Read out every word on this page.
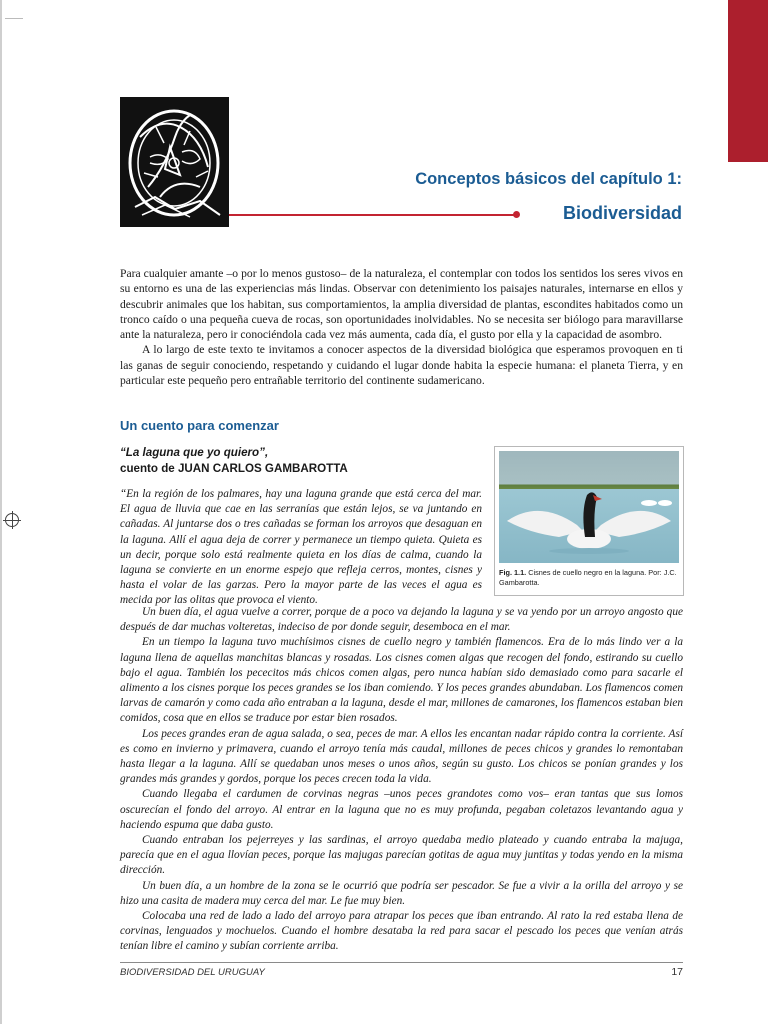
Conceptos básicos del capítulo 1:
Biodiversidad

Para cualquier amante –o por lo menos gustoso– de la naturaleza, el contemplar con todos los sentidos los seres vivos en su entorno es una de las experiencias más lindas. Observar con detenimiento los paisajes naturales, internarse en ellos y descubrir animales que los habitan, sus comportamientos, la amplia diversidad de plantas, escondites habitados como un tronco caído o una pequeña cueva de rocas, son oportunidades inolvidables. No se necesita ser biólogo para maravillarse ante la naturaleza, pero ir conociéndola cada vez más aumenta, cada día, el gusto por ella y la capacidad de asombro.

A lo largo de este texto te invitamos a conocer aspectos de la diversidad biológica que esperamos provoquen en ti las ganas de seguir conociendo, respetando y cuidando el lugar donde habita la especie humana: el planeta Tierra, y en particular este pequeño pero entrañable territorio del continente sudamericano.

Un cuento para comenzar
“La laguna que yo quiero”,
cuento de JUAN CARLOS GAMBAROTTA

“En la región de los palmares, hay una laguna grande que está cerca del mar. El agua de lluvia que cae en las serranías que están lejos, se va juntando en cañadas. Al juntarse dos o tres cañadas se forman los arroyos que desaguan en la laguna. Allí el agua deja de correr y permanece un tiempo quieta. Quieta es un decir, porque solo está realmente quieta en los días de calma, cuando la laguna se convierte en un enorme espejo que refleja cerros, montes, cisnes y hasta el volar de las garzas. Pero la mayor parte de las veces el agua es mecida por las olitas que provoca el viento.

Fig. 1.1. Cisnes de cuello negro en la laguna. Por: J.C. Gambarotta.

Un buen día, el agua vuelve a correr, porque de a poco va dejando la laguna y se va yendo por un arroyo angosto que después de dar muchas volteretas, indeciso de por donde seguir, desemboca en el mar.

En un tiempo la laguna tuvo muchísimos cisnes de cuello negro y también flamencos. Era de lo más lindo ver a la laguna llena de aquellas manchitas blancas y rosadas. Los cisnes comen algas que recogen del fondo, estirando su cuello bajo el agua. También los pececitos más chicos comen algas, pero nunca habían sido demasiado como para sacarle el alimento a los cisnes porque los peces grandes se los iban comiendo. Y los peces grandes abundaban. Los flamencos comen larvas de camarón y como cada año entraban a la laguna, desde el mar, millones de camarones, los flamencos estaban bien comidos, cosa que en ellos se traduce por estar bien rosados.

Los peces grandes eran de agua salada, o sea, peces de mar. A ellos les encantan nadar rápido contra la corriente. Así es como en invierno y primavera, cuando el arroyo tenía más caudal, millones de peces chicos y grandes lo remontaban hasta llegar a la laguna. Allí se quedaban unos meses o unos años, según su gusto. Los chicos se ponían grandes y los grandes más grandes y gordos, porque los peces crecen toda la vida.

Cuando llegaba el cardumen de corvinas negras –unos peces grandotes como vos– eran tantas que sus lomos oscurecían el fondo del arroyo. Al entrar en la laguna que no es muy profunda, pegaban coletazos levantando agua y haciendo espuma que daba gusto.

Cuando entraban los pejerreyes y las sardinas, el arroyo quedaba medio plateado y cuando entraba la majuga, parecía que en el agua llovían peces, porque las majugas parecían gotitas de agua muy juntitas y todas yendo en la misma dirección.

Un buen día, a un hombre de la zona se le ocurrió que podría ser pescador. Se fue a vivir a la orilla del arroyo y se hizo una casita de madera muy cerca del mar. Le fue muy bien.

Colocaba una red de lado a lado del arroyo para atrapar los peces que iban entrando. Al rato la red estaba llena de corvinas, lenguados y mochuelos. Cuando el hombre desataba la red para sacar el pescado los peces que venían atrás tenían libre el camino y subían corriente arriba.

BIODIVERSIDAD DEL URUGUAY	17
